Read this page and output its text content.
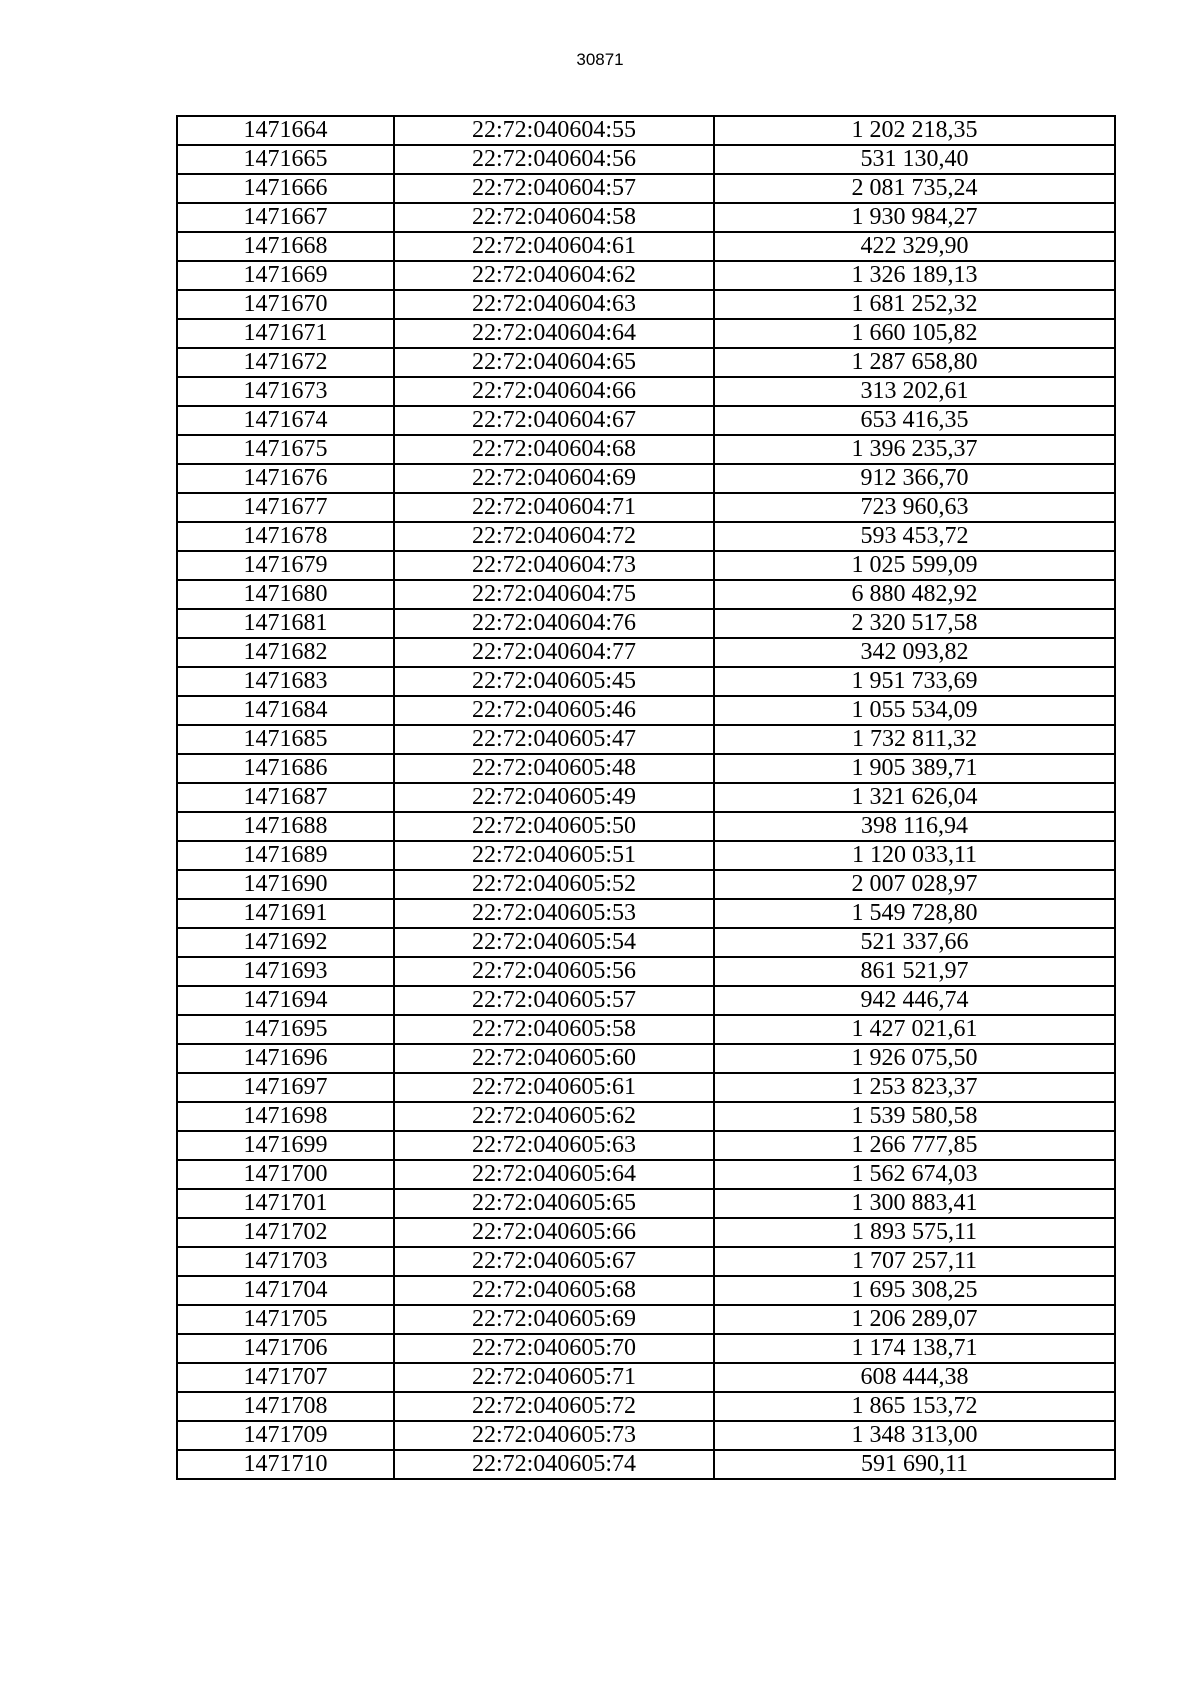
30871
1471664	22:72:040604:55	1 202 218,35
1471665	22:72:040604:56	531 130,40
1471666	22:72:040604:57	2 081 735,24
1471667	22:72:040604:58	1 930 984,27
1471668	22:72:040604:61	422 329,90
1471669	22:72:040604:62	1 326 189,13
1471670	22:72:040604:63	1 681 252,32
1471671	22:72:040604:64	1 660 105,82
1471672	22:72:040604:65	1 287 658,80
1471673	22:72:040604:66	313 202,61
1471674	22:72:040604:67	653 416,35
1471675	22:72:040604:68	1 396 235,37
1471676	22:72:040604:69	912 366,70
1471677	22:72:040604:71	723 960,63
1471678	22:72:040604:72	593 453,72
1471679	22:72:040604:73	1 025 599,09
1471680	22:72:040604:75	6 880 482,92
1471681	22:72:040604:76	2 320 517,58
1471682	22:72:040604:77	342 093,82
1471683	22:72:040605:45	1 951 733,69
1471684	22:72:040605:46	1 055 534,09
1471685	22:72:040605:47	1 732 811,32
1471686	22:72:040605:48	1 905 389,71
1471687	22:72:040605:49	1 321 626,04
1471688	22:72:040605:50	398 116,94
1471689	22:72:040605:51	1 120 033,11
1471690	22:72:040605:52	2 007 028,97
1471691	22:72:040605:53	1 549 728,80
1471692	22:72:040605:54	521 337,66
1471693	22:72:040605:56	861 521,97
1471694	22:72:040605:57	942 446,74
1471695	22:72:040605:58	1 427 021,61
1471696	22:72:040605:60	1 926 075,50
1471697	22:72:040605:61	1 253 823,37
1471698	22:72:040605:62	1 539 580,58
1471699	22:72:040605:63	1 266 777,85
1471700	22:72:040605:64	1 562 674,03
1471701	22:72:040605:65	1 300 883,41
1471702	22:72:040605:66	1 893 575,11
1471703	22:72:040605:67	1 707 257,11
1471704	22:72:040605:68	1 695 308,25
1471705	22:72:040605:69	1 206 289,07
1471706	22:72:040605:70	1 174 138,71
1471707	22:72:040605:71	608 444,38
1471708	22:72:040605:72	1 865 153,72
1471709	22:72:040605:73	1 348 313,00
1471710	22:72:040605:74	591 690,11
